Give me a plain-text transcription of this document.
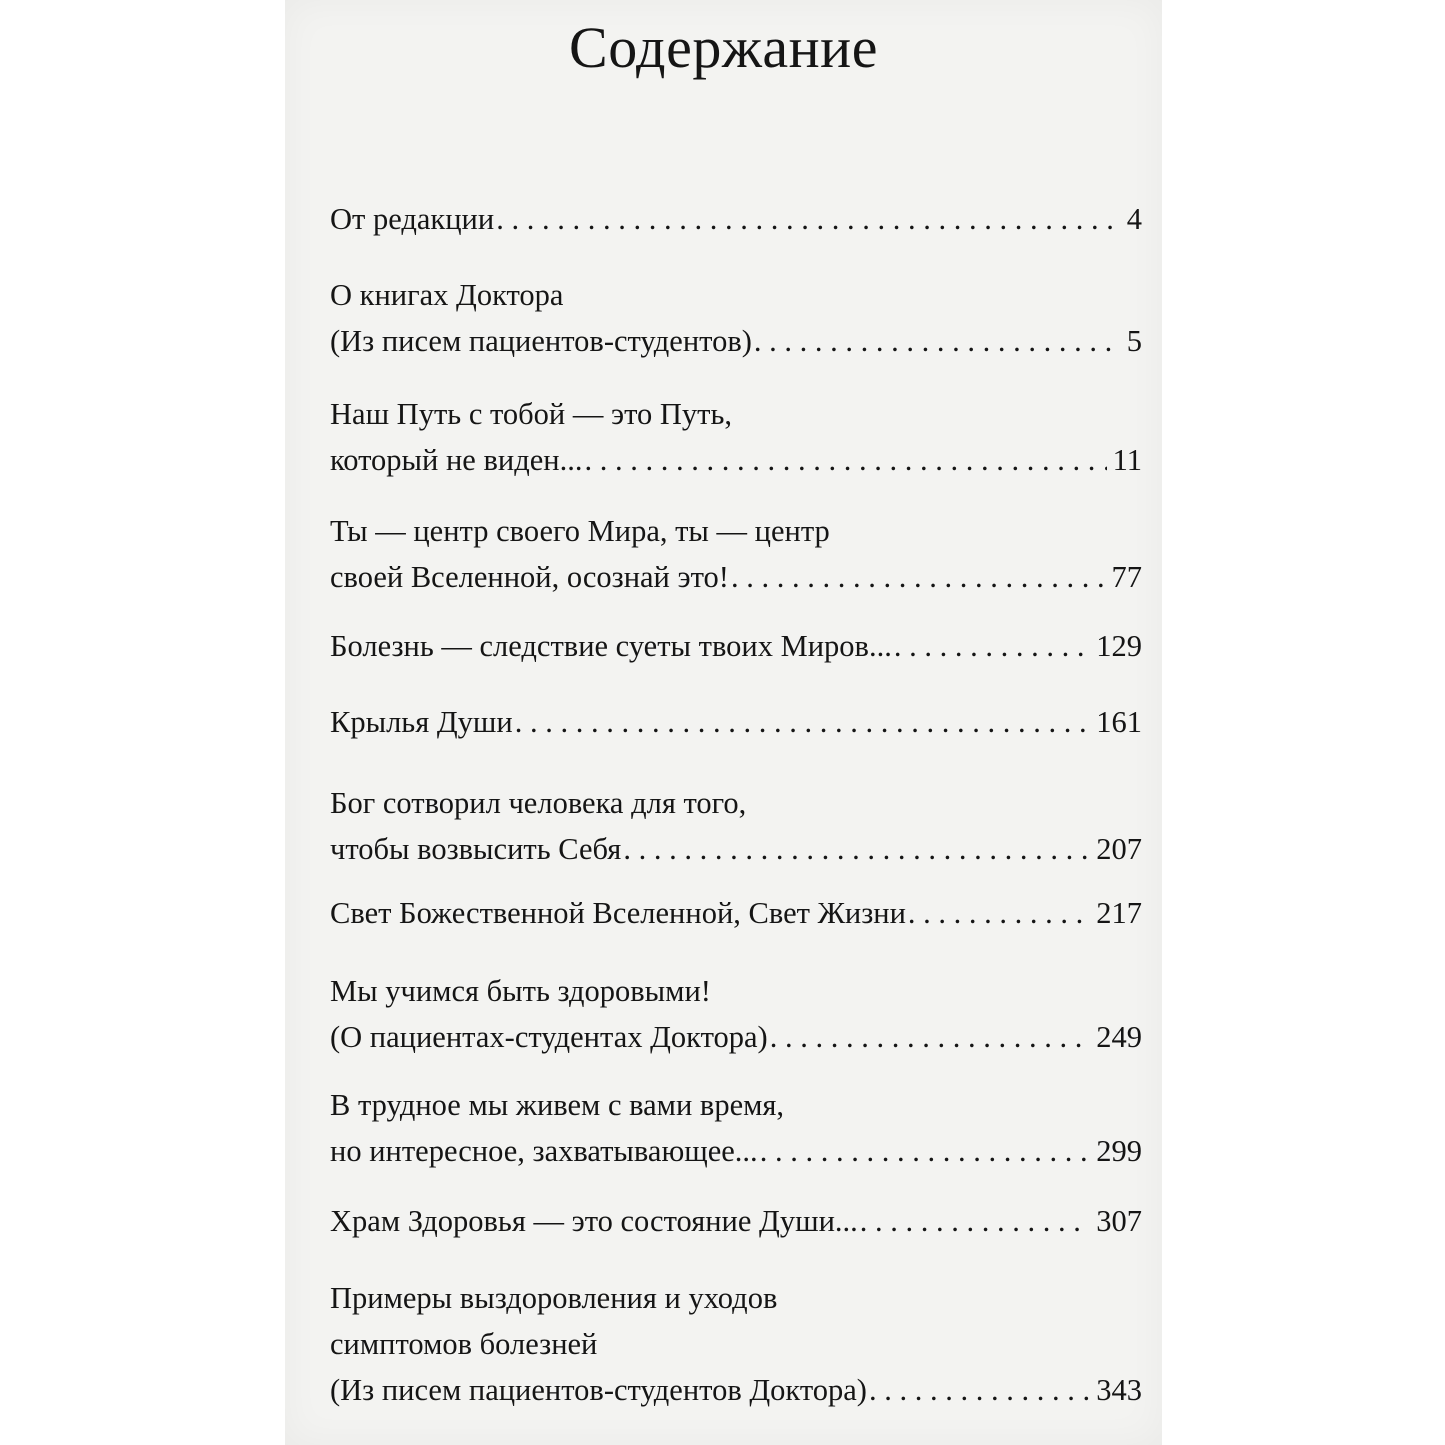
Содержание
От редакции . . .	4
О книгах Доктора
(Из писем пациентов-студентов) . . .	5
Наш Путь с тобой — это Путь,
который не виден... . . .	11
Ты — центр своего Мира, ты — центр
своей Вселенной, осознай это! . . .	77
Болезнь — следствие суеты твоих Миров... . . .	129
Крылья Души . . .	161
Бог сотворил человека для того,
чтобы возвысить Себя . . .	207
Свет Божественной Вселенной, Свет Жизни . . .	217
Мы учимся быть здоровыми!
(О пациентах-студентах Доктора) . . .	249
В трудное мы живем с вами время,
но интересное, захватывающее... . . .	299
Храм Здоровья — это состояние Души... . . .	307
Примеры выздоровления и уходов
симптомов болезней
(Из писем пациентов-студентов Доктора) . . .	343
